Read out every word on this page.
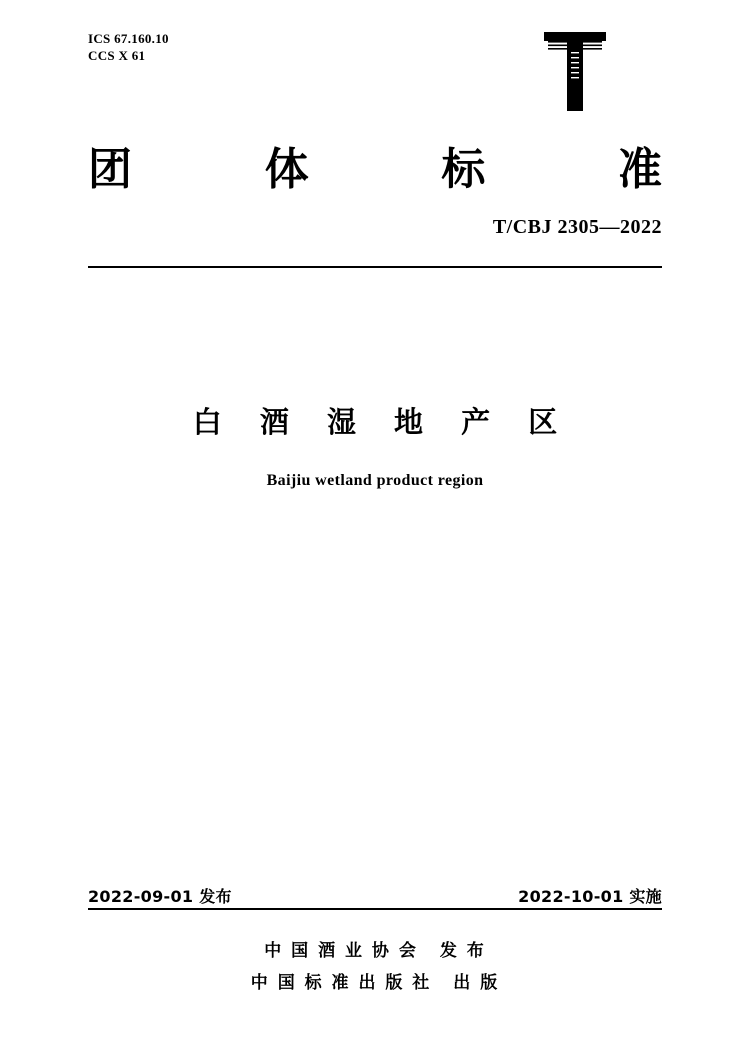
ICS 67.160.10
CCS X 61
团	体	标	准
T/CBJ 2305—2022
白 酒 湿 地 产 区
Baijiu wetland product region
2022-09-01 发布	2022-10-01 实施
中 国 酒 业 协 会 发 布
中 国 标 准 出 版 社 出 版
